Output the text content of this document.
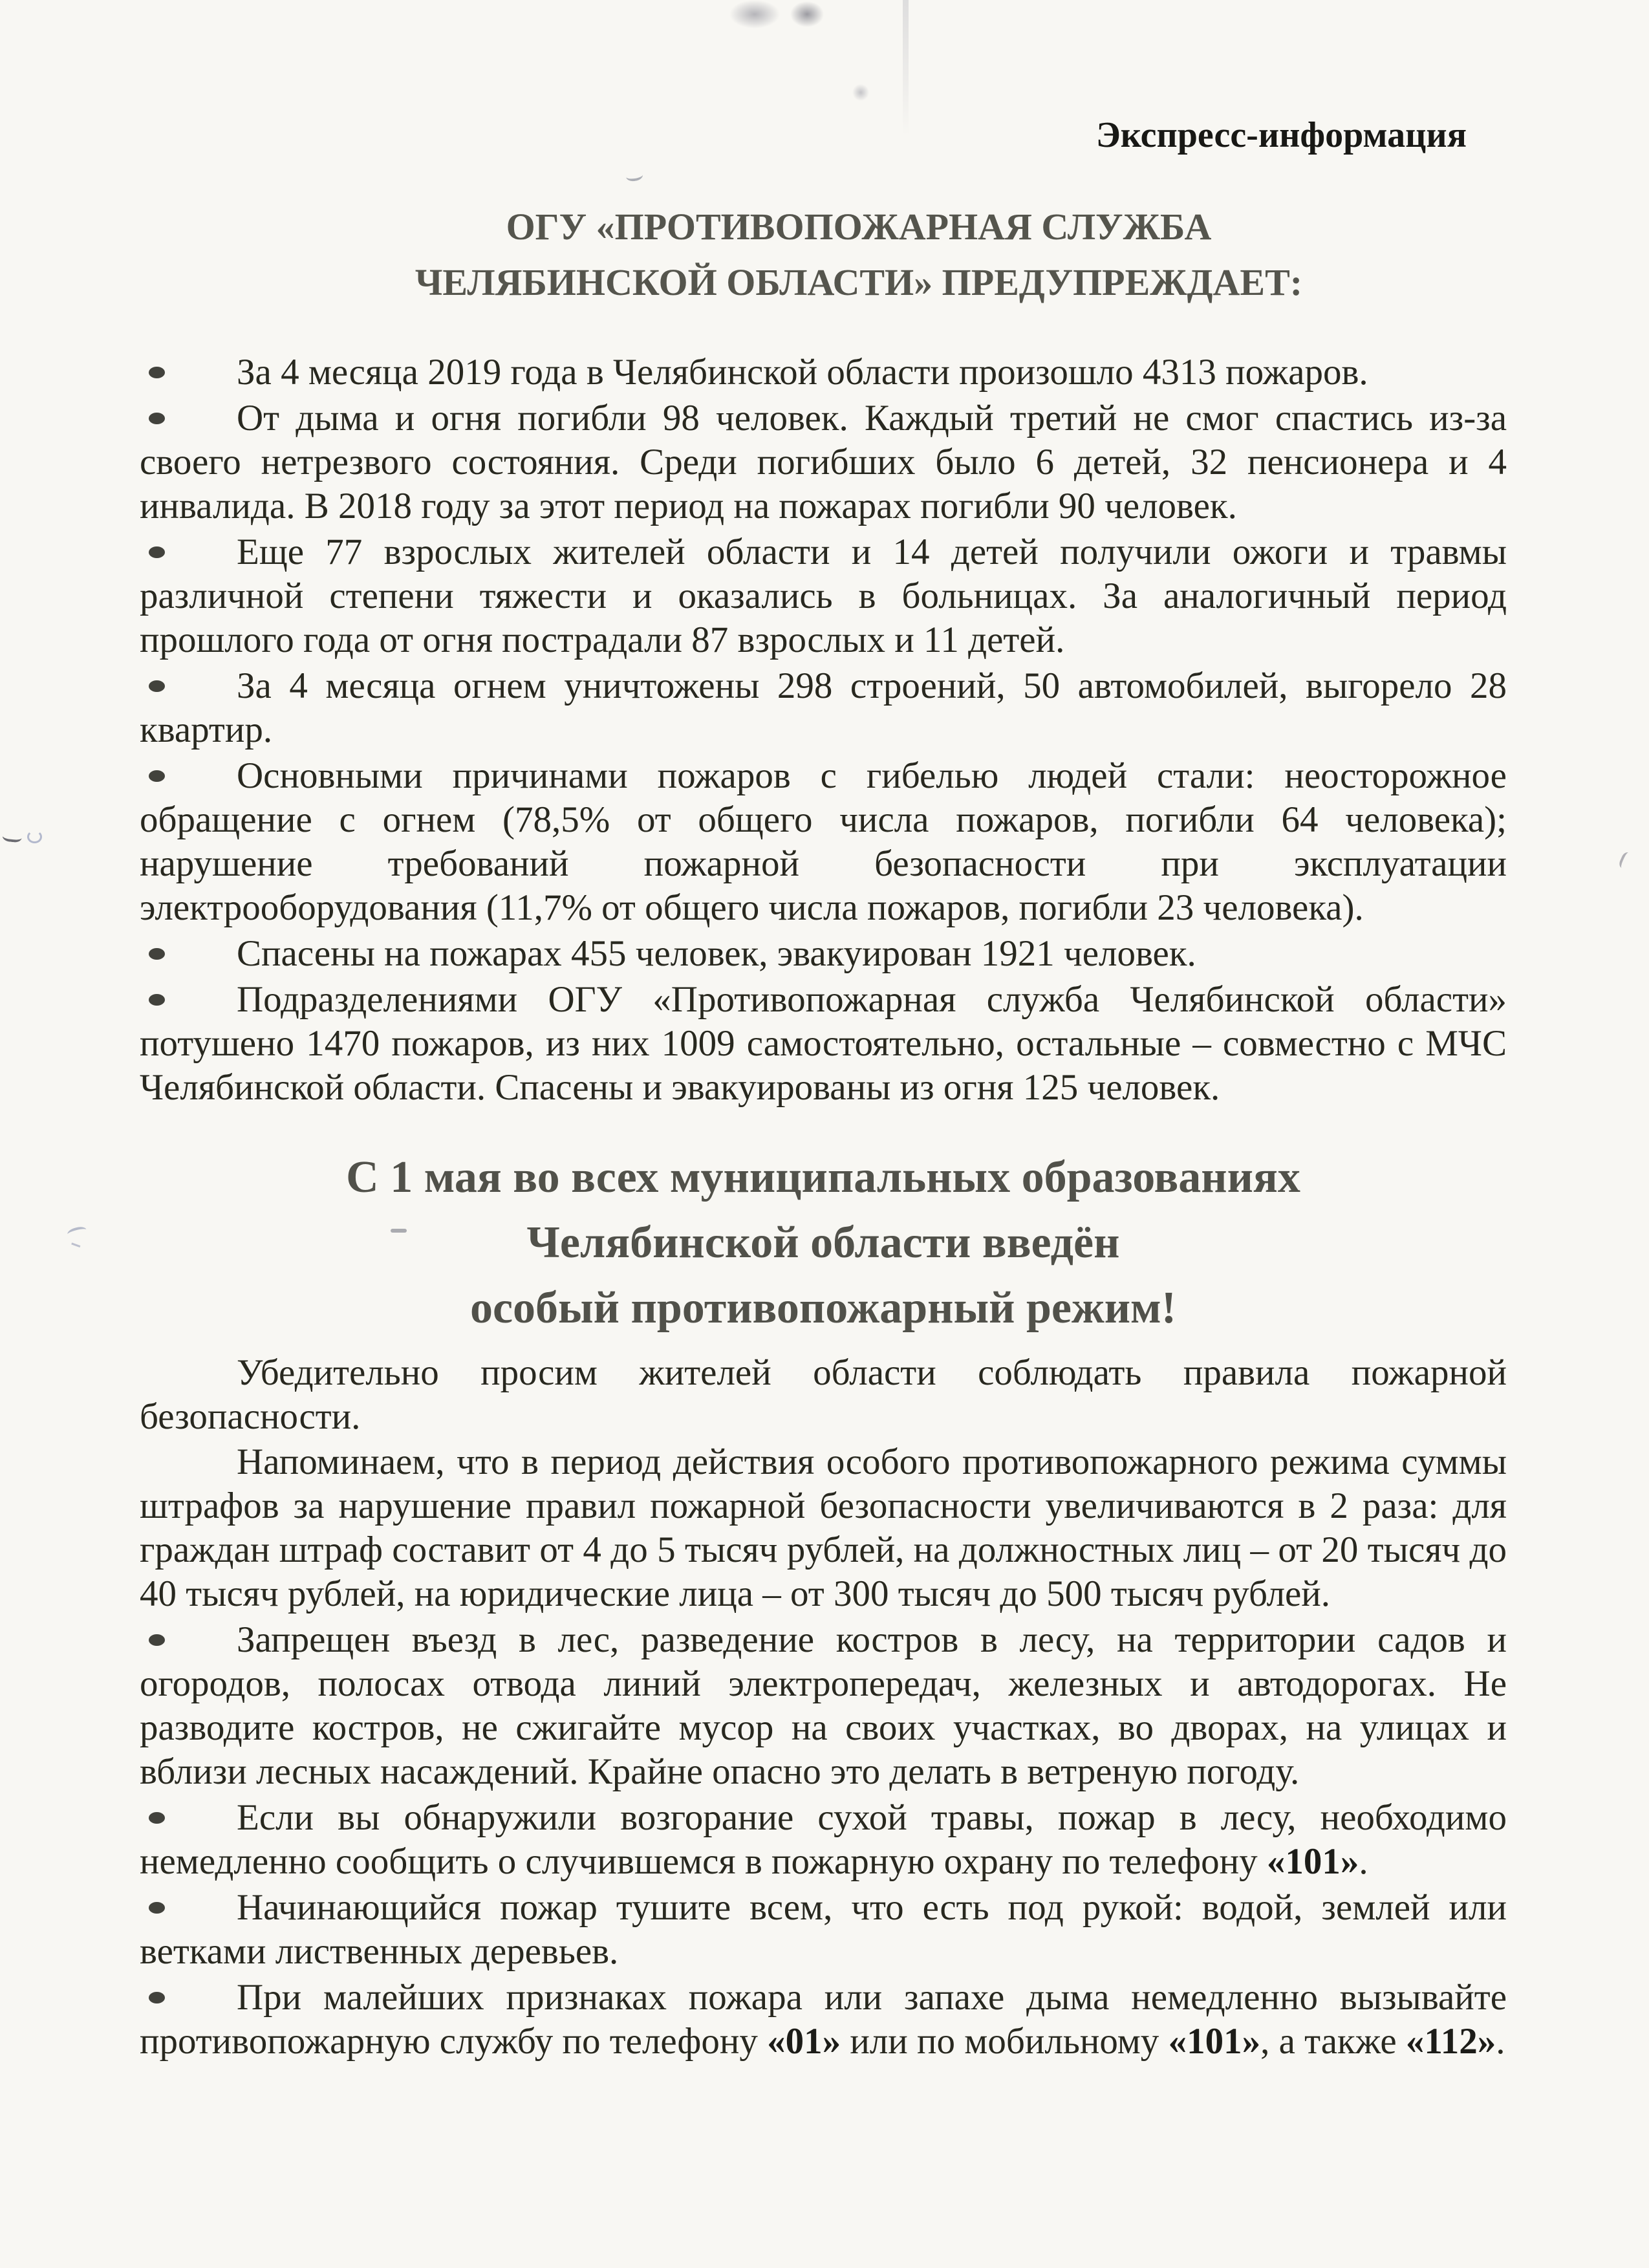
Экспресс-информация
ОГУ «ПРОТИВОПОЖАРНАЯ СЛУЖБА
ЧЕЛЯБИНСКОЙ ОБЛАСТИ» ПРЕДУПРЕЖДАЕТ:
За 4 месяца 2019 года в Челябинской области произошло 4313 пожаров.
От дыма и огня погибли 98 человек. Каждый третий не смог спастись из-за своего нетрезвого состояния. Среди погибших было 6 детей, 32 пенсионера и 4 инвалида. В 2018 году за этот период на пожарах погибли 90 человек.
Еще 77 взрослых жителей области и 14 детей получили ожоги и травмы различной степени тяжести и оказались в больницах. За аналогичный период прошлого года от огня пострадали 87 взрослых и 11 детей.
За 4 месяца огнем уничтожены 298 строений, 50 автомобилей, выгорело 28 квартир.
Основными причинами пожаров с гибелью людей стали: неосторожное обращение с огнем (78,5% от общего числа пожаров, погибли 64 человека); нарушение требований пожарной безопасности при эксплуатации электрооборудования (11,7% от общего числа пожаров, погибли 23 человека).
Спасены на пожарах 455 человек, эвакуирован 1921 человек.
Подразделениями ОГУ «Противопожарная служба Челябинской области» потушено 1470 пожаров, из них 1009 самостоятельно, остальные – совместно с МЧС Челябинской области. Спасены и эвакуированы из огня 125 человек.
С 1 мая во всех муниципальных образованиях
Челябинской области введён
особый противопожарный режим!

Убедительно просим жителей области соблюдать правила пожарной безопасности.

Напоминаем, что в период действия особого противопожарного режима суммы штрафов за нарушение правил пожарной безопасности увеличиваются в 2 раза: для граждан штраф составит от 4 до 5 тысяч рублей, на должностных лиц – от 20 тысяч до 40 тысяч рублей, на юридические лица – от 300 тысяч до 500 тысяч рублей.

Запрещен въезд в лес, разведение костров в лесу, на территории садов и огородов, полосах отвода линий электропередач, железных и автодорогах. Не разводите костров, не сжигайте мусор на своих участках, во дворах, на улицах и вблизи лесных насаждений. Крайне опасно это делать в ветреную погоду.
Если вы обнаружили возгорание сухой травы, пожар в лесу, необходимо немедленно сообщить о случившемся в пожарную охрану по телефону «101».
Начинающийся пожар тушите всем, что есть под рукой: водой, землей или ветками лиственных деревьев.
При малейших признаках пожара или запахе дыма немедленно вызывайте противопожарную службу по телефону «01» или по мобильному «101», а также «112».
